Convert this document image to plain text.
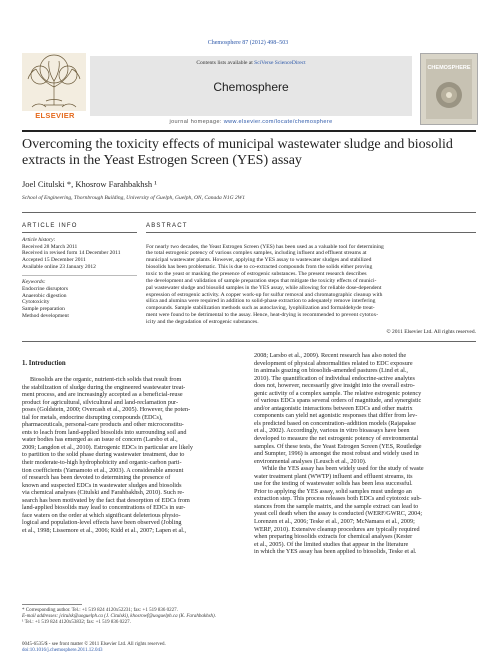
Chemosphere 87 (2012) 498–503
ELSEVIER
Contents lists available at SciVerse ScienceDirect
Chemosphere
journal homepage: www.elsevier.com/locate/chemosphere
CHEMOSPHERE
Overcoming the toxicity effects of municipal wastewater sludge and biosolid extracts in the Yeast Estrogen Screen (YES) assay
Joel Citulski *, Khosrow Farahbakhsh ¹
School of Engineering, Thornbrough Building, University of Guelph, Guelph, ON, Canada N1G 2W1
ARTICLE INFO
Article history:
Received 28 March 2011
Received in revised form 14 December 2011
Accepted 15 December 2011
Available online 23 January 2012
Keywords:
Endocrine disruptors
Anaerobic digestion
Cytotoxicity
Sample preparation
Method development
ABSTRACT
For nearly two decades, the Yeast Estrogen Screen (YES) has been used as a valuable tool for determining
the total estrogenic potency of various complex samples, including influent and effluent streams at
municipal wastewater plants. However, applying the YES assay to wastewater sludges and stabilized
biosolids has been problematic. This is due to co-extracted compounds from the solids either proving
toxic to the yeast or masking the presence of estrogenic substances. The present research describes
the development and validation of sample preparation steps that mitigate the toxicity effects of munici-
pal wastewater sludge and biosolid samples in the YES assay, while allowing for reliable dose-dependent
expression of estrogenic activity. A copper work-up for sulfur removal and chromatographic cleanup with
silica and alumina were required in addition to solid-phase extraction to adequately remove interfering
compounds. Sample stabilization methods such as autoclaving, lyophilization and formaldehyde treat-
ment were found to be detrimental to the assay. Hence, heat-drying is recommended to prevent cytotox-
icity and the degradation of estrogenic substances.
© 2011 Elsevier Ltd. All rights reserved.
1. Introduction
Biosolids are the organic, nutrient-rich solids that result from
the stabilization of sludge during the engineered wastewater treat-
ment process, and are increasingly accepted as a beneficial-reuse
product for agricultural, silvicultural and land-reclamation pur-
poses (Goldstein, 2000; Overcash et al., 2005). However, the poten-
tial for metals, endocrine disrupting compounds (EDCs),
pharmaceuticals, personal-care products and other microconstitu-
ents to leach from land-applied biosolids into surrounding soil and
water bodies has emerged as an issue of concern (Larsbo et al.,
2009; Langdon et al., 2010). Estrogenic EDCs in particular are likely
to partition to the solid phase during wastewater treatment, due to
their moderate-to-high hydrophobicity and organic-carbon parti-
tion coefficients (Yamamoto et al., 2003). A considerable amount
of research has been devoted to determining the presence of
known and suspected EDCs in wastewater sludges and biosolids
via chemical analyses (Citulski and Farahbakhsh, 2010). Such re-
search has been motivated by the fact that desorption of EDCs from
land-applied biosolids may lead to concentrations of EDCs in sur-
face waters on the order at which significant deleterious physio-
logical and population-level effects have been observed (Jobling
et al., 1998; Lissemore et al., 2006; Kidd et al., 2007; Lapen et al.,
2008; Larsbo et al., 2009). Recent research has also noted the
development of physical abnormalities related to EDC exposure
in animals grazing on biosolids-amended pastures (Lind et al.,
2010). The quantification of individual endocrine-active analytes
does not, however, necessarily give insight into the overall estro-
genic activity of a complex sample. The relative estrogenic potency
of various EDCs spans several orders of magnitude, and synergistic
and/or antagonistic interactions between EDCs and other matrix
components can yield net agonistic responses that differ from lev-
els predicted based on concentration–addition models (Rajapakse
et al., 2002). Accordingly, various in vitro bioassays have been
developed to measure the net estrogenic potency of environmental
samples. Of these tests, the Yeast Estrogen Screen (YES, Routledge
and Sumpter, 1996) is amongst the most robust and widely used in
environmental analyses (Leusch et al., 2010).
While the YES assay has been widely used for the study of waste
water treatment plant (WWTP) influent and effluent streams, its
use for the testing of wastewater solids has been less successful.
Prior to applying the YES assay, solid samples must undergo an
extraction step. This process releases both EDCs and cytotoxic sub-
stances from the sample matrix, and the sample extract can lead to
yeast cell death when the assay is conducted (WERF/GWRC, 2004;
Lorenzen et al., 2006; Teske et al., 2007; McNamara et al., 2009;
WERF, 2010). Extensive cleanup procedures are typically required
when preparing biosolids extracts for chemical analyses (Kester
et al., 2005). Of the limited studies that appear in the literature
in which the YES assay has been applied to biosolids, Teske et al.
* Corresponding author. Tel.: +1 519 824 4120x52231; fax: +1 519 836 0227.
E-mail addresses: jcitulsk@uoguelph.ca (J. Citulski), khosrowf@uoguelph.ca (K. Farahbakhsh).
¹ Tel.: +1 519 824 4120x53832; fax: +1 519 836 0227.
0045-6535/$ - see front matter © 2011 Elsevier Ltd. All rights reserved.
doi:10.1016/j.chemosphere.2011.12.043
